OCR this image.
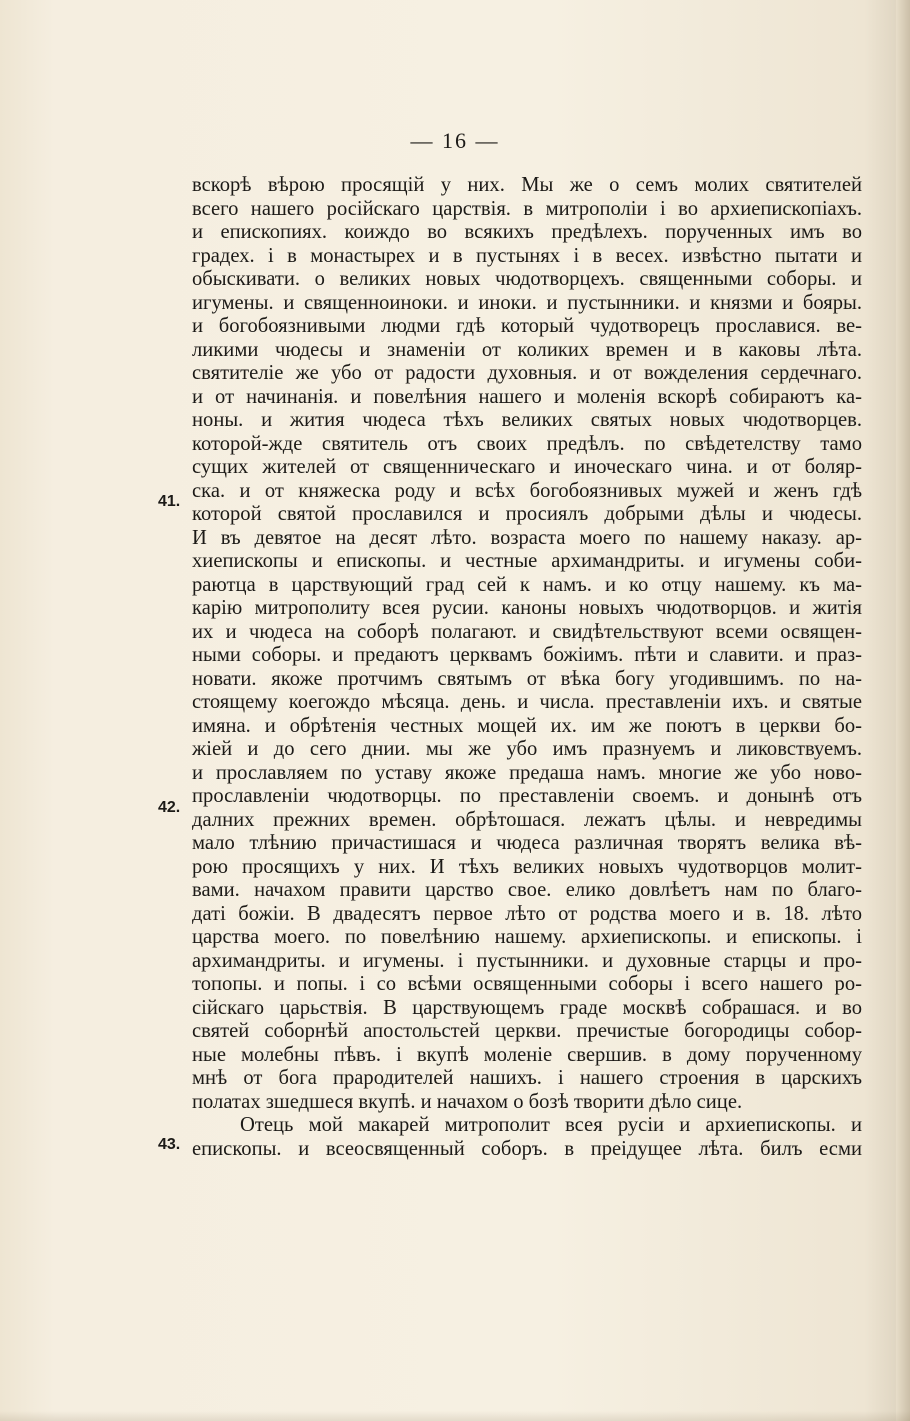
— 16 —
41.
42.
43.
вскорѣ вѣрою просящій у них. Мы же о семъ молих святителей
всего нашего російскаго царствія. в митрополіи і во архиепископіахъ.
и епископиях. коиждо во всякихъ предѣлехъ. порученных имъ во
градех. і в монастырех и в пустынях і в весех. извѣстно пытати и
обыскивати. о великих новых чюдотворцехъ. священными соборы. и
игумены. и священноиноки. и иноки. и пустынники. и князми и бояры.
и богобоязнивыми людми гдѣ который чудотворецъ прославися. ве-
ликими чюдесы и знаменіи от коликих времен и в каковы лѣта.
святителіе же убо от радости духовныя. и от вожделения сердечнаго.
и от начинанія. и повелѣния нашего и моленія вскорѣ собираютъ ка-
ноны. и жития чюдеса тѣхъ великих святых новых чюдотворцев.
которой-жде святитель отъ своих предѣлъ. по свѣдетелству тамо
сущих жителей от священническаго и иноческаго чина. и от боляр-
ска. и от княжеска роду и всѣх богобоязнивых мужей и женъ гдѣ
которой святой прославился и просиялъ добрыми дѣлы и чюдесы.
И въ девятое на десят лѣто. возраста моего по нашему наказу. ар-
хиепископы и епископы. и честные архимандриты. и игумены соби-
раютца в царствующий град сей к намъ. и ко отцу нашему. къ ма-
карію митрополиту всея русии. каноны новыхъ чюдотворцов. и житія
их и чюдеса на соборѣ полагают. и свидѣтельствуют всеми освящен-
ными соборы. и предаютъ церквамъ божіимъ. пѣти и славити. и праз-
новати. якоже протчимъ святымъ от вѣка богу угодившимъ. по на-
стоящему коегождо мѣсяца. день. и числа. преставленіи ихъ. и святые
имяна. и обрѣтенія честных мощей их. им же поютъ в церкви бо-
жіей и до сего днии. мы же убо имъ празнуемъ и ликовствуемъ.
и прославляем по уставу якоже предаша намъ. многие же убо ново-
прославленіи чюдотворцы. по преставленіи своемъ. и донынѣ отъ
далних прежних времен. обрѣтошася. лежатъ цѣлы. и невредимы
мало тлѣнию причастишася и чюдеса различная творятъ велика вѣ-
рою просящихъ у них. И тѣхъ великих новыхъ чудотворцов молит-
вами. начахом правити царство свое. елико довлѣетъ нам по благо-
даті божіи. В двадесятъ первое лѣто от родства моего и в. 18. лѣто
царства моего. по повелѣнию нашему. архиепископы. и епископы. і
архимандриты. и игумены. і пустынники. и духовные старцы и про-
топопы. и попы. і со всѣми освященными соборы і всего нашего ро-
сійскаго царьствія. В царствующемъ граде москвѣ собрашася. и во
святей соборнѣй апостольстей церкви. пречистые богородицы собор-
ные молебны пѣвъ. і вкупѣ моленіе свершив. в дому порученному
мнѣ от бога прародителей нашихъ. і нашего строения в царскихъ
полатах зшедшеся вкупѣ. и начахом о бозѣ творити дѣло сице.
Отець мой макарей митрополит всея русіи и архиепископы. и
епископы. и всеосвященный соборъ. в преідущее лѣта. билъ есми
